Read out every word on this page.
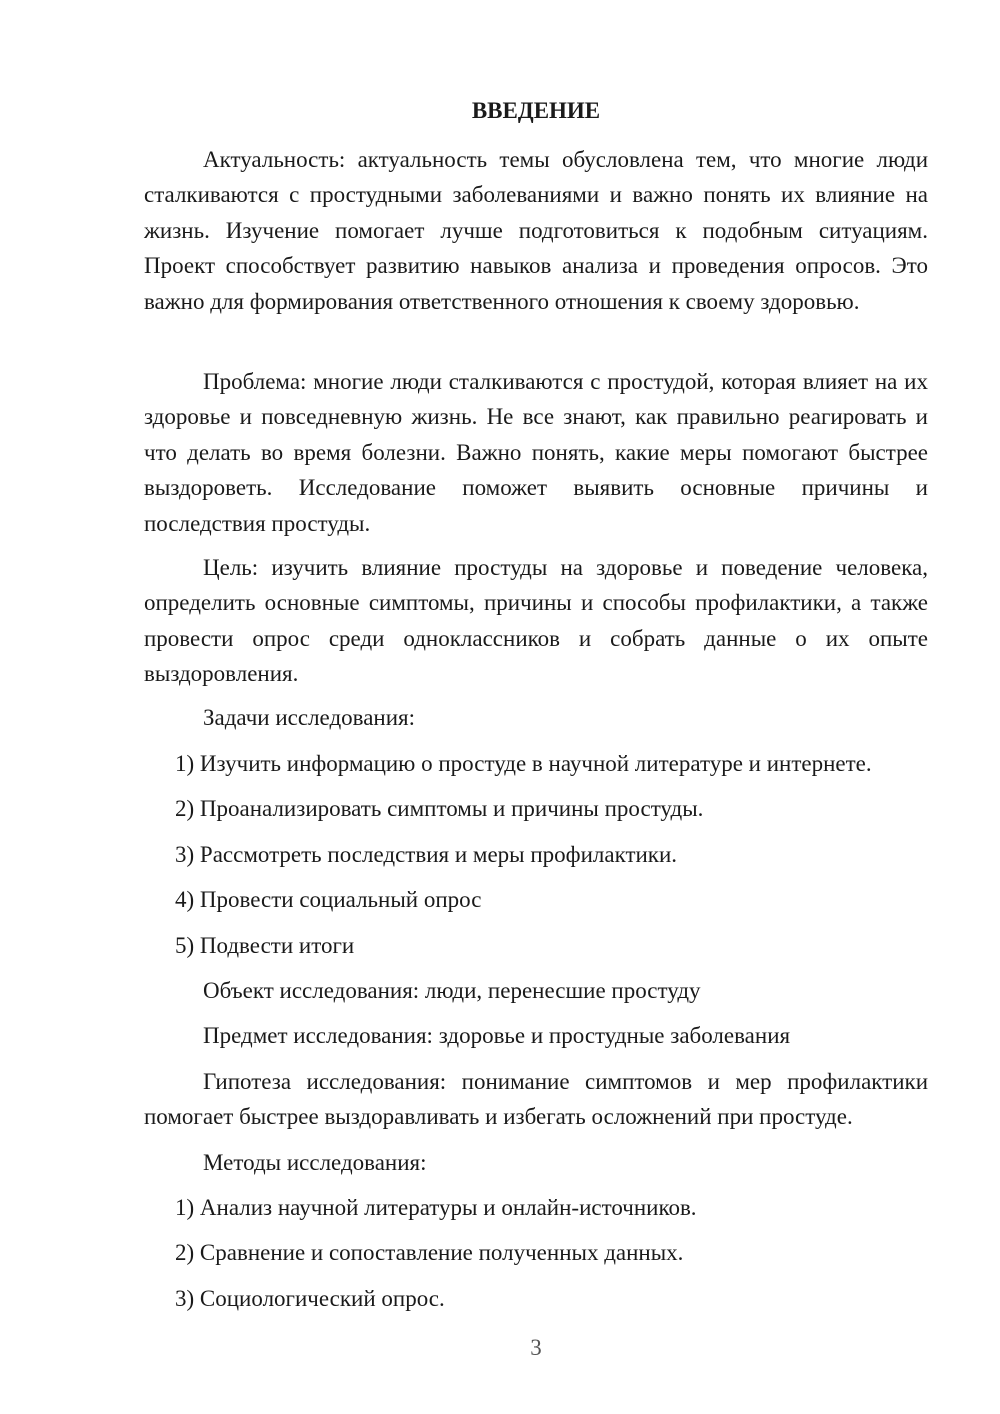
ВВЕДЕНИЕ

Актуальность: актуальность темы обусловлена тем, что многие люди сталкиваются с простудными заболеваниями и важно понять их влияние на жизнь. Изучение помогает лучше подготовиться к подобным ситуациям. Проект способствует развитию навыков анализа и проведения опросов. Это важно для формирования ответственного отношения к своему здоровью.

Проблема: многие люди сталкиваются с простудой, которая влияет на их здоровье и повседневную жизнь. Не все знают, как правильно реагировать и что делать во время болезни. Важно понять, какие меры помогают быстрее выздороветь. Исследование поможет выявить основные причины и последствия простуды.

Цель: изучить влияние простуды на здоровье и поведение человека, определить основные симптомы, причины и способы профилактики, а также провести опрос среди одноклассников и собрать данные о их опыте выздоровления.

Задачи исследования:

1) Изучить информацию о простуде в научной литературе и интернете.

2) Проанализировать симптомы и причины простуды.

3) Рассмотреть последствия и меры профилактики.

4) Провести социальный опрос

5) Подвести итоги

Объект исследования: люди, перенесшие простуду

Предмет исследования: здоровье и простудные заболевания

Гипотеза исследования: понимание симптомов и мер профилактики помогает быстрее выздоравливать и избегать осложнений при простуде.

Методы исследования:

1) Анализ научной литературы и онлайн-источников.

2) Сравнение и сопоставление полученных данных.

3) Социологический опрос.

3
